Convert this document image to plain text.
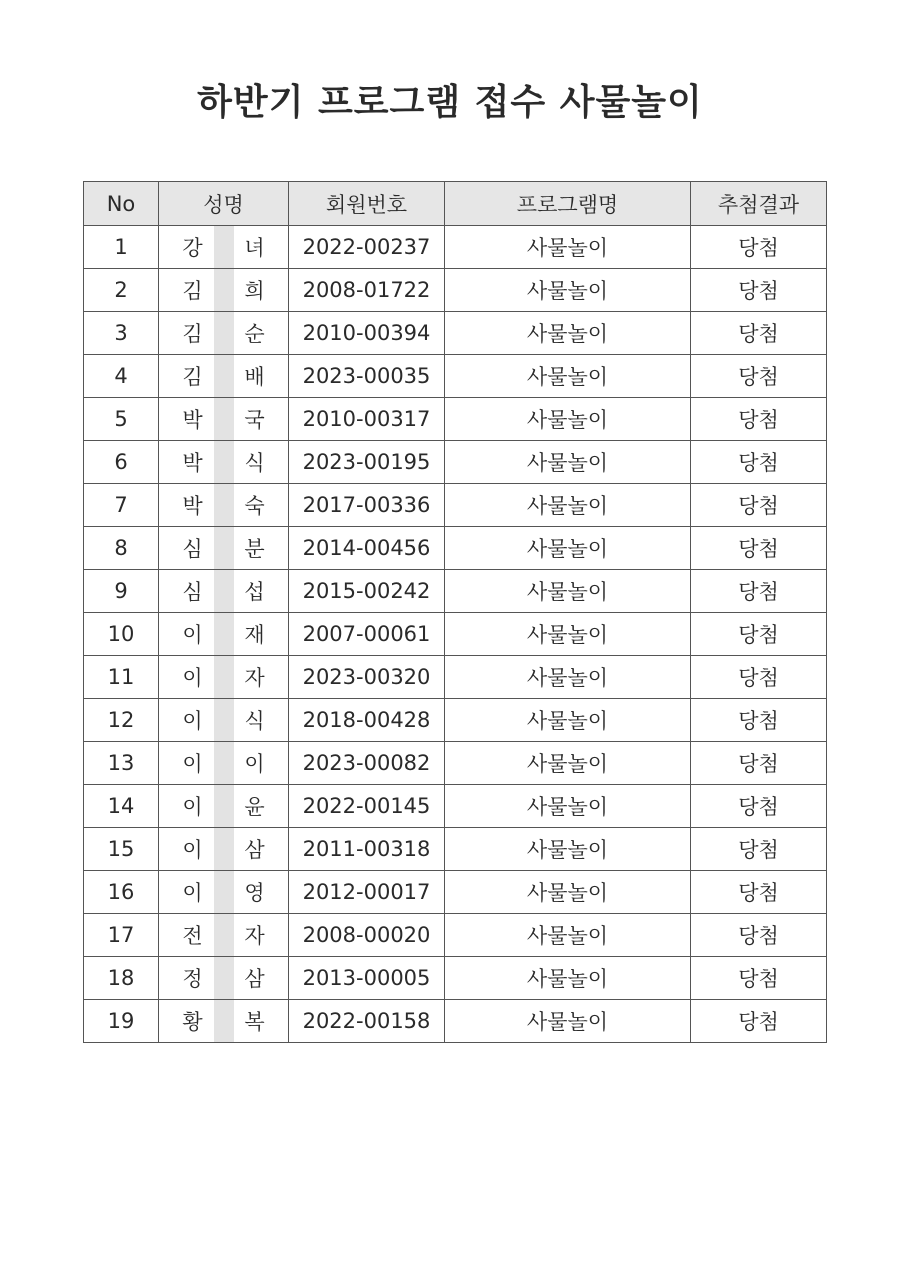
하반기 프로그램 접수 사물놀이
No	성명	회원번호	프로그램명	추첨결과
1	강 녀	2022-00237	사물놀이	당첨
2	김 희	2008-01722	사물놀이	당첨
3	김 순	2010-00394	사물놀이	당첨
4	김 배	2023-00035	사물놀이	당첨
5	박 국	2010-00317	사물놀이	당첨
6	박 식	2023-00195	사물놀이	당첨
7	박 숙	2017-00336	사물놀이	당첨
8	심 분	2014-00456	사물놀이	당첨
9	심 섭	2015-00242	사물놀이	당첨
10	이 재	2007-00061	사물놀이	당첨
11	이 자	2023-00320	사물놀이	당첨
12	이 식	2018-00428	사물놀이	당첨
13	이 이	2023-00082	사물놀이	당첨
14	이 윤	2022-00145	사물놀이	당첨
15	이 삼	2011-00318	사물놀이	당첨
16	이 영	2012-00017	사물놀이	당첨
17	전 자	2008-00020	사물놀이	당첨
18	정 삼	2013-00005	사물놀이	당첨
19	황 복	2022-00158	사물놀이	당첨
